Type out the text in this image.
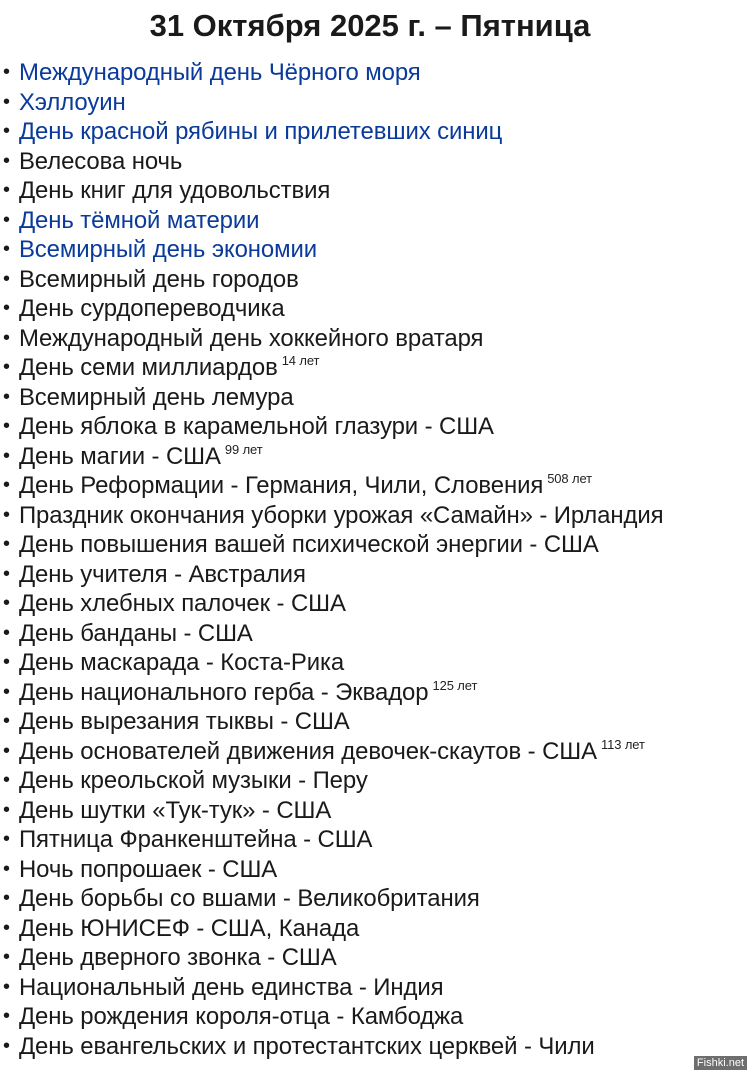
31 Октября 2025 г. – Пятница
• Международный день Чёрного моря
• Хэллоуин
• День красной рябины и прилетевших синиц
• Велесова ночь
• День книг для удовольствия
• День тёмной материи
• Всемирный день экономии
• Всемирный день городов
• День сурдопереводчика
• Международный день хоккейного вратаря
• День семи миллиардов $^{14 лет}$
• Всемирный день лемура
• День яблока в карамельной глазури - США
• День магии - США $^{99 лет}$
• День Реформации - Германия, Чили, Словения $^{508 лет}$
• Праздник окончания уборки урожая «Самайн» - Ирландия
• День повышения вашей психической энергии - США
• День учителя - Австралия
• День хлебных палочек - США
• День банданы - США
• День маскарада - Коста-Рика
• День национального герба - Эквадор $^{125 лет}$
• День вырезания тыквы - США
• День основателей движения девочек-скаутов - США $^{113 лет}$
• День креольской музыки - Перу
• День шутки «Тук-тук» - США
• Пятница Франкенштейна - США
• Ночь попрошаек - США
• День борьбы со вшами - Великобритания
• День ЮНИСЕФ - США, Канада
• День дверного звонка - США
• Национальный день единства - Индия
• День рождения короля-отца - Камбоджа
• День евангельских и протестантских церквей - Чили
Fishki.net
